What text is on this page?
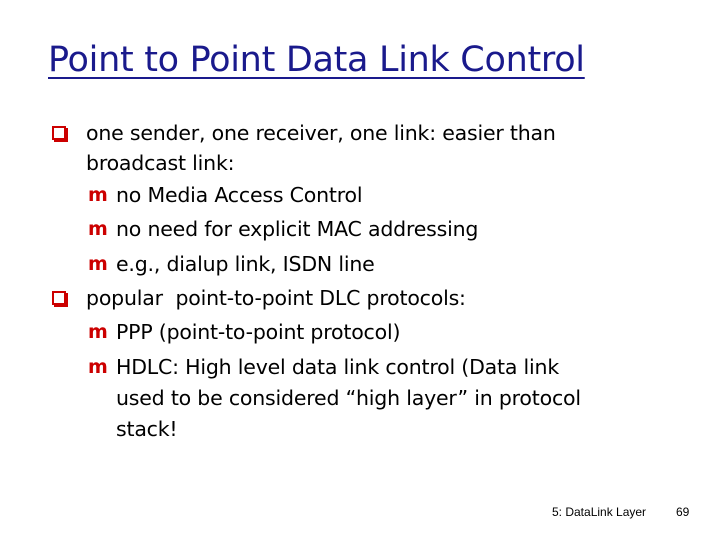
Point to Point Data Link Control
one sender, one receiver, one link: easier than
broadcast link:
m no Media Access Control
m no need for explicit MAC addressing
m e.g., dialup link, ISDN line
popular  point-to-point DLC protocols:
m PPP (point-to-point protocol)
m HDLC: High level data link control (Data link
used to be considered “high layer” in protocol
stack!
5: DataLink Layer 69
